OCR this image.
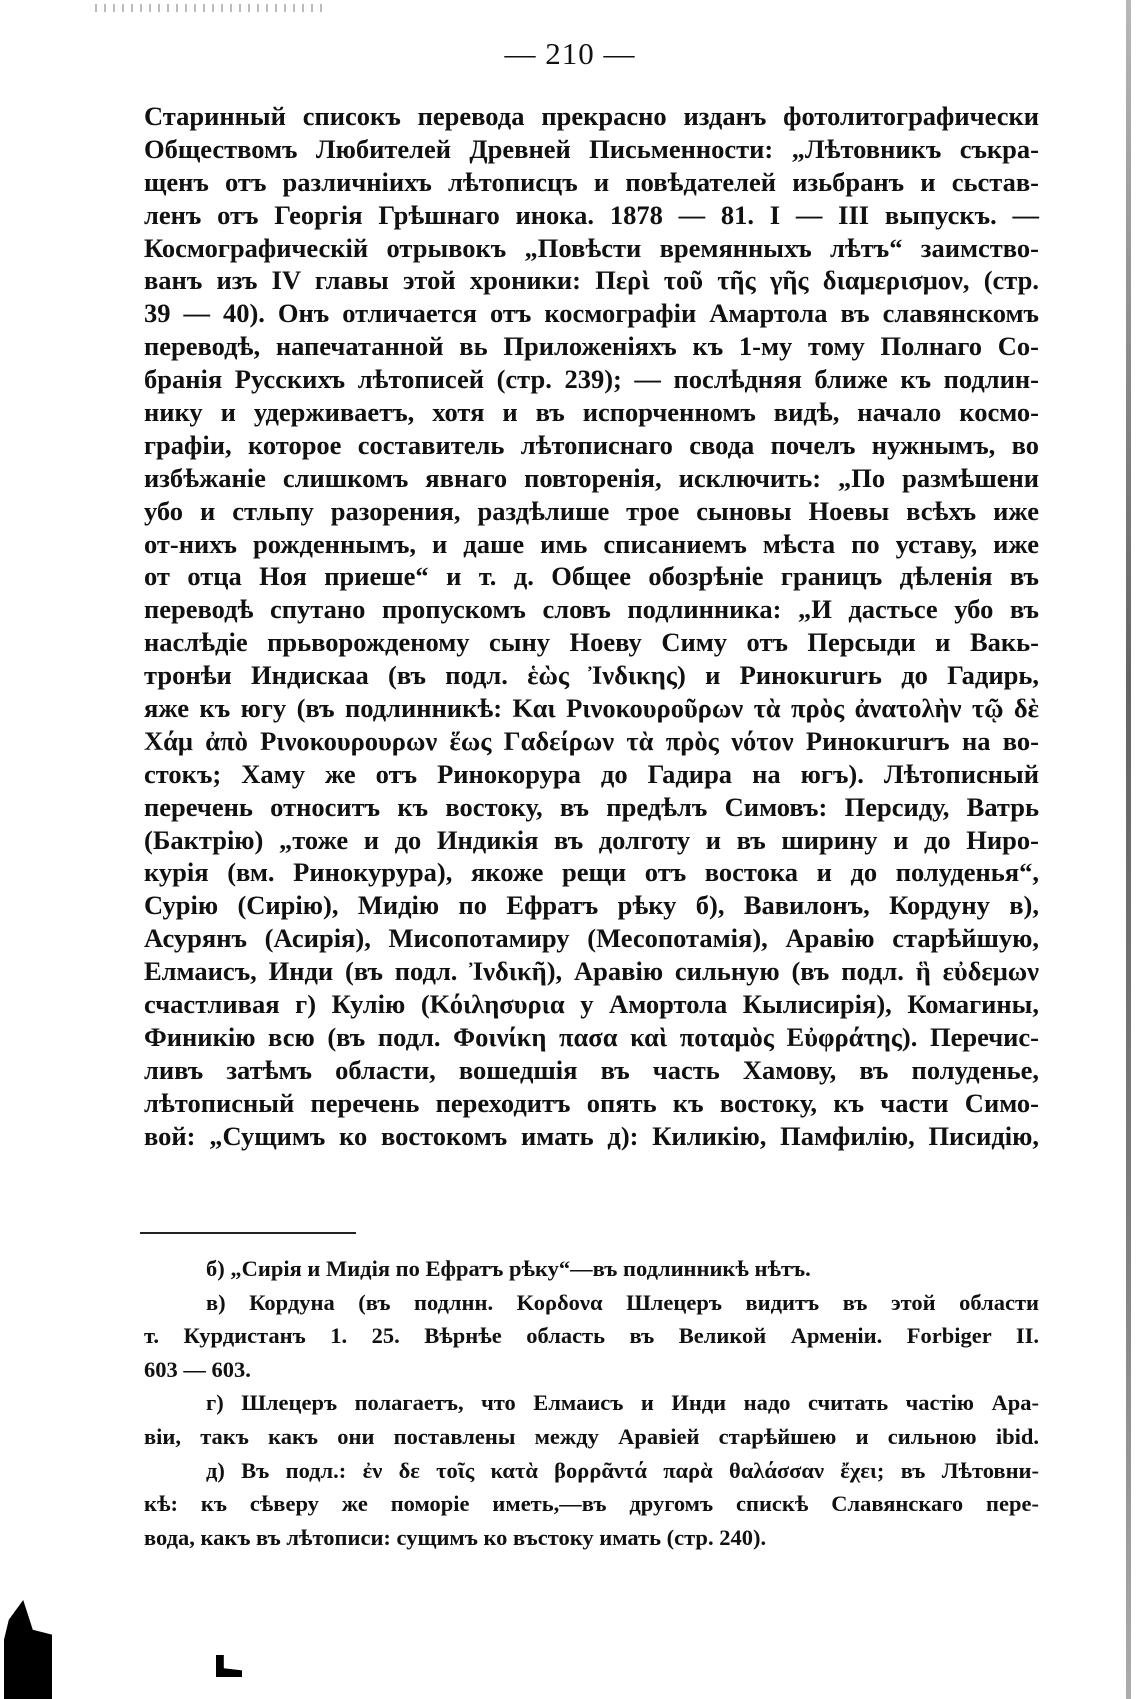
— 210 —
Старинный списокъ перевода прекрасно изданъ фотолитографически
Обществомъ Любителей Древней Письменности: „Лѣтовникъ съкра-
щенъ отъ различніихъ лѣтописцъ и повѣдателей изьбранъ и сьстав-
ленъ отъ Георгія Грѣшнаго инока. 1878 — 81. I — III выпускъ. —
Космографическій отрывокъ „Повѣсти времянныхъ лѣтъ“ заимство-
ванъ изъ IV главы этой хроники: Περὶ τοῦ τῆς γῆς διαμερισμον, (стр.
39 — 40). Онъ отличается отъ космографіи Амартола въ славянскомъ
переводѣ, напечатанной вь Приложеніяхъ къ 1-му тому Полнаго Со-
бранія Русскихъ лѣтописей (стр. 239); — послѣдняя ближе къ подлин-
нику и удерживаетъ, хотя и въ испорченномъ видѣ, начало космо-
графіи, которое составитель лѣтописнаго свода почелъ нужнымъ, во
избѣжаніе слишкомъ явнаго повторенія, исключить: „По размѣшени
убо и стльпу разорения, раздѣлише трое сыновы Ноевы всѣхъ иже
от-нихъ рожденнымъ, и даше имь списаниемъ мѣста по уставу, иже
от отца Ноя приеше“ и т. д. Общее обозрѣніе границъ дѣленія въ
переводѣ спутано пропускомъ словъ подлинника: „И дастьсе убо въ
наслѣдіе прьворожденому сыну Ноеву Симу отъ Персыди и Вакь-
тронѣи Индискаа (въ подл. ἑὼς Ἰνδικης) и Ринокururь до Гадирь,
яже къ югу (въ подлинникѣ: Και Ρινοκουροῦρων τὰ πρὸς ἀνατολὴν τῷ δὲ
Χάμ ἀπὸ Ρινοκουρουρων ἕως Γαδείρων τὰ πρὸς νότον Ринокururъ на во-
стокъ; Хаму же отъ Ринокорура до Гадира на югъ). Лѣтописный
перечень относитъ къ востоку, въ предѣлъ Симовъ: Персиду, Ватрь
(Бактрію) „тоже и до Индикія въ долготу и въ ширину и до Ниро-
курія (вм. Ринокурура), якоже рещи отъ востока и до полуденья“,
Сурію (Сирію), Мидію по Ефратъ рѣку б), Вавилонъ, Кордуну в),
Асурянъ (Асирія), Мисопотамиру (Месопотамія), Аравію старѣйшую,
Елмаисъ, Инди (въ подл. Ἰνδικῆ), Аравію сильную (въ подл. ἣ εὐδεμων
счастливая г) Кулію (Κόιλησυρια у Амортола Кылисирія), Комагины,
Финикію всю (въ подл. Φοινίκη πασα καὶ ποταμὸς Εὐφράτης). Перечис-
ливъ затѣмъ области, вошедшія въ часть Хамову, въ полуденье,
лѣтописный перечень переходитъ опять къ востоку, къ части Симо-
вой: „Сущимъ ко востокомъ имать д): Киликію, Памфилію, Писидію,
б) „Сирія и Мидія по Ефратъ рѣку“—въ подлинникѣ нѣтъ.
в) Кордуна (въ подлнн. Κορδονα Шлецеръ видитъ въ этой области
т. Курдистанъ 1. 25. Вѣрнѣе область въ Великой Арменіи. Forbiger II.
603 — 603.
г) Шлецеръ полагаетъ, что Елмаисъ и Инди надо считать частію Ара-
віи, такъ какъ они поставлены между Аравіей старѣйшею и сильною ibid.
д) Въ подл.: ἐν δε τοῖς κατὰ βορρᾶντά παρὰ θαλάσσαν ἔχει; въ Лѣтовни-
кѣ: къ сѣверу же поморіе иметь,—въ другомъ спискѣ Славянскаго пере-
вода, какъ въ лѣтописи: сущимъ ко въстоку имать (стр. 240).
